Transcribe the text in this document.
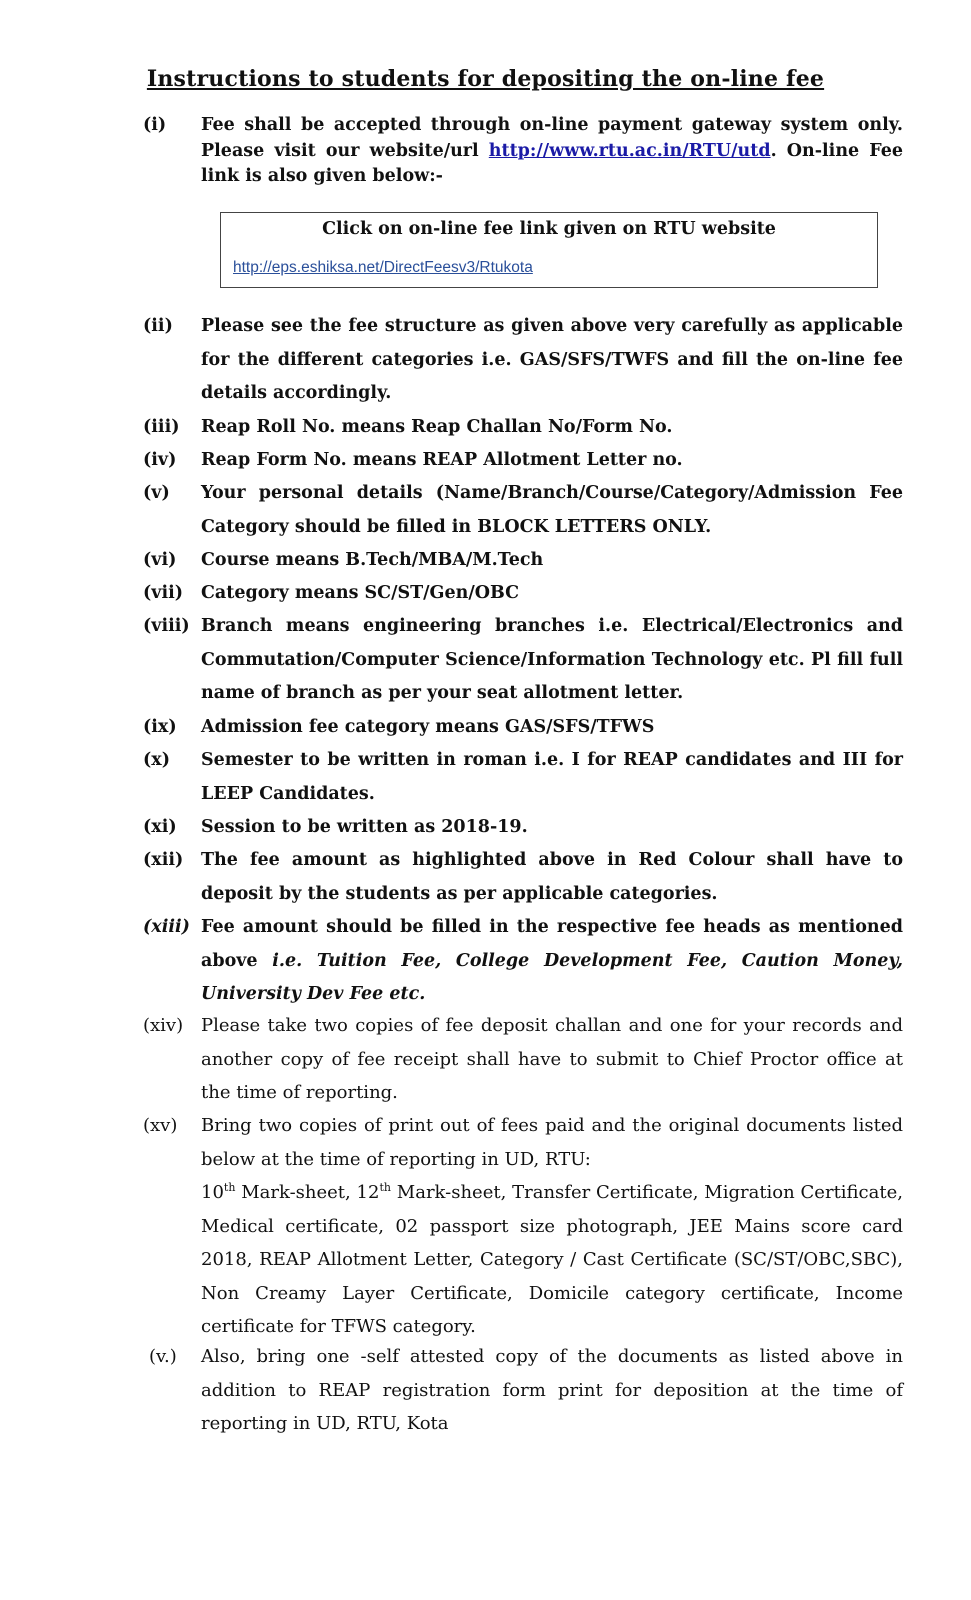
Instructions to students for depositing the on-line fee
(i)	Fee shall be accepted through on-line payment gateway system only. Please visit our website/url http://www.rtu.ac.in/RTU/utd. On-line Fee link is also given below:-
Click on on-line fee link given on RTU website
http://eps.eshiksa.net/DirectFeesv3/Rtukota
(ii)	Please see the fee structure as given above very carefully as applicable for the different categories i.e. GAS/SFS/TWFS and fill the on-line fee details accordingly.
(iii)	Reap Roll No. means Reap Challan No/Form No.
(iv)	Reap Form No. means REAP Allotment Letter no.
(v)	Your personal details (Name/Branch/Course/Category/Admission Fee Category should be filled in BLOCK LETTERS ONLY.
(vi)	Course means B.Tech/MBA/M.Tech
(vii)	Category means SC/ST/Gen/OBC
(viii) Branch means engineering branches i.e. Electrical/Electronics and Commutation/Computer Science/Information Technology etc. Pl fill full name of branch as per your seat allotment letter.
(ix)	Admission fee category means GAS/SFS/TFWS
(x)	Semester to be written in roman i.e. I for REAP candidates and III for LEEP Candidates.
(xi)	Session to be written as 2018-19.
(xii)	The fee amount as highlighted above in Red Colour shall have to deposit by the students as per applicable categories.
(xiii) Fee amount should be filled in the respective fee heads as mentioned above i.e. Tuition Fee, College Development Fee, Caution Money, University Dev Fee etc.
(xiv) Please take two copies of fee deposit challan and one for your records and another copy of fee receipt shall have to submit to Chief Proctor office at the time of reporting.
(xv)	Bring two copies of print out of fees paid and the original documents listed below at the time of reporting in UD, RTU:
10th Mark-sheet, 12th Mark-sheet, Transfer Certificate, Migration Certificate, Medical certificate, 02 passport size photograph, JEE Mains score card 2018, REAP Allotment Letter, Category / Cast Certificate (SC/ST/OBC,SBC), Non Creamy Layer Certificate, Domicile category certificate, Income certificate for TFWS category.
(v.)	Also, bring one -self attested copy of the documents as listed above in addition to REAP registration form print for deposition at the time of reporting in UD, RTU, Kota
